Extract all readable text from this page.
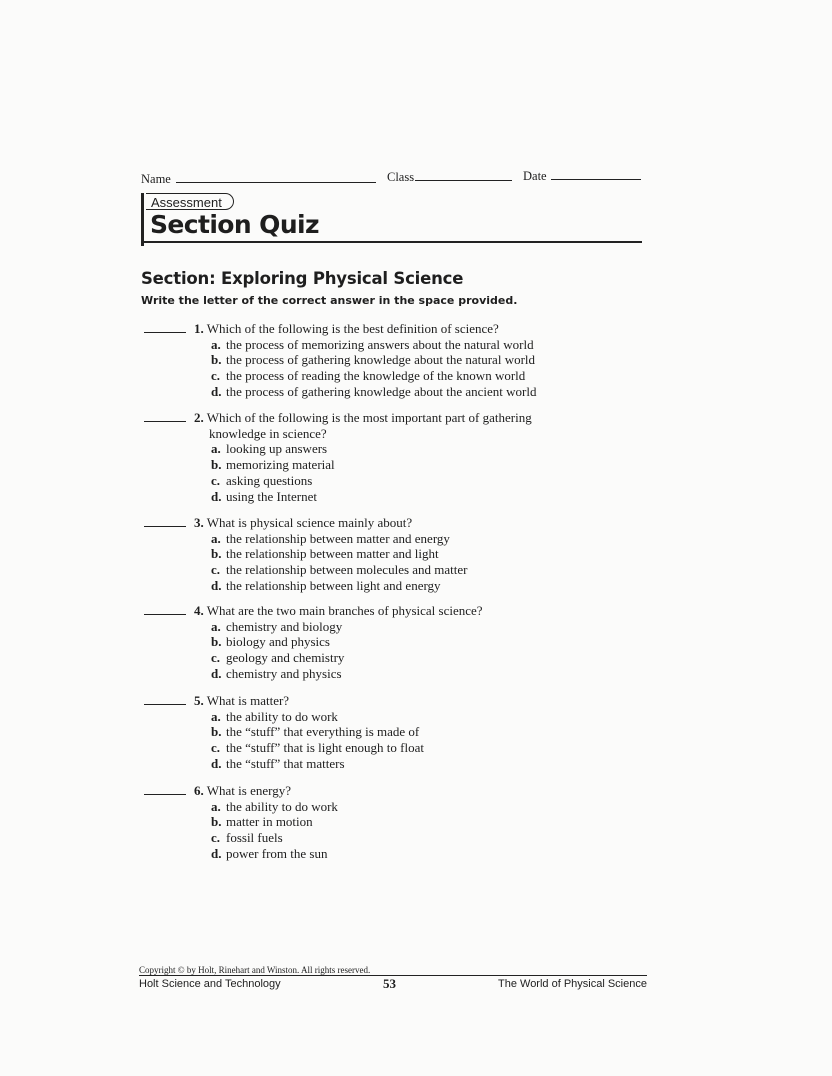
Name	Class	Date
Assessment
Section Quiz
Section: Exploring Physical Science
Write the letter of the correct answer in the space provided.
1. Which of the following is the best definition of science?
a. the process of memorizing answers about the natural world
b. the process of gathering knowledge about the natural world
c. the process of reading the knowledge of the known world
d. the process of gathering knowledge about the ancient world
2. Which of the following is the most important part of gathering
knowledge in science?
a. looking up answers
b. memorizing material
c. asking questions
d. using the Internet
3. What is physical science mainly about?
a. the relationship between matter and energy
b. the relationship between matter and light
c. the relationship between molecules and matter
d. the relationship between light and energy
4. What are the two main branches of physical science?
a. chemistry and biology
b. biology and physics
c. geology and chemistry
d. chemistry and physics
5. What is matter?
a. the ability to do work
b. the “stuff” that everything is made of
c. the “stuff” that is light enough to float
d. the “stuff” that matters
6. What is energy?
a. the ability to do work
b. matter in motion
c. fossil fuels
d. power from the sun
Copyright © by Holt, Rinehart and Winston. All rights reserved.
Holt Science and Technology	53	The World of Physical Science
